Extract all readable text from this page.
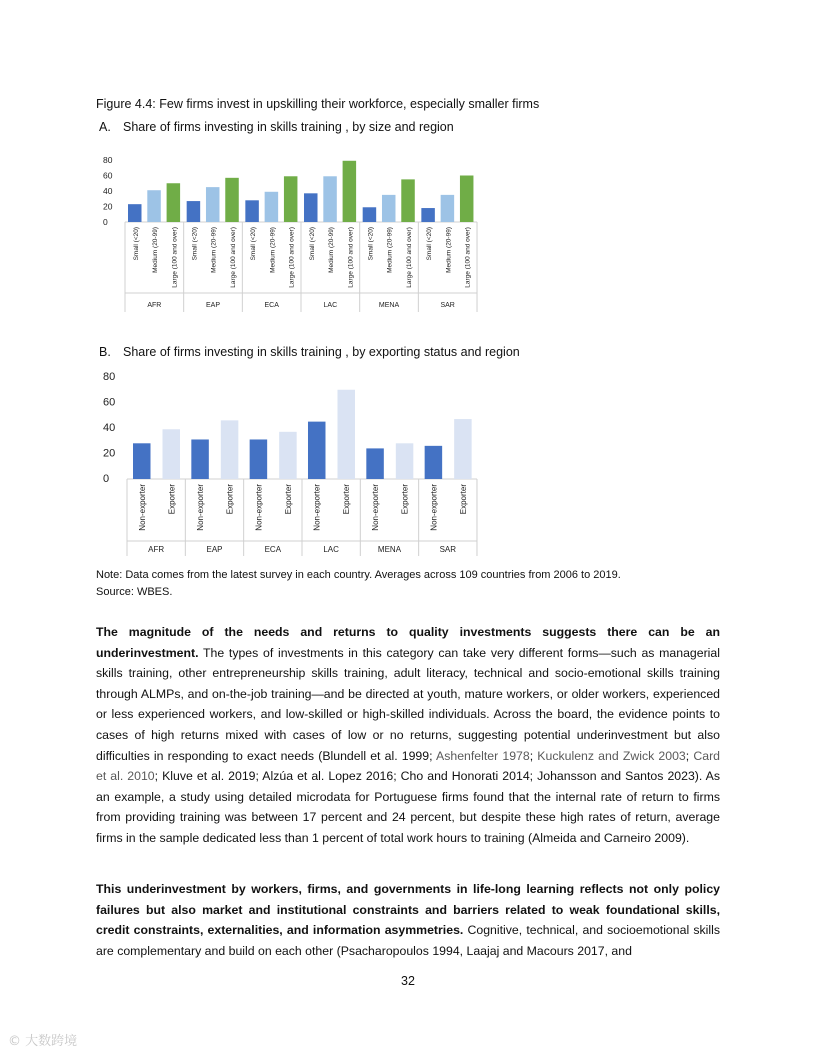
Figure 4.4: Few firms invest in upskilling their workforce, especially smaller firms
A. Share of firms investing in skills training , by size and region
0
20
40
60
80
Small (<20) Medium (20-99) Large (100 and over)
AFR
Small (<20) Medium (20-99) Large (100 and over)
EAP
Small (<20) Medium (20-99) Large (100 and over)
ECA
Small (<20) Medium (20-99) Large (100 and over)
LAC
Small (<20) Medium (20-99) Large (100 and over)
MENA
Small (<20) Medium (20-99) Large (100 and over)
SAR
B. Share of firms investing in skills training , by exporting status and region
0
20
40
60
80
Non-exporter	Exporter
AFR
Non-exporter	Exporter
EAP
Non-exporter	Exporter
ECA
Non-exporter	Exporter
LAC
Non-exporter	Exporter
MENA
Non-exporter	Exporter
SAR
Note: Data comes from the latest survey in each country. Averages across 109 countries from 2006 to 2019.
Source: WBES.

The magnitude of the needs and returns to quality investments suggests there can be an underinvestment. The types of investments in this category can take very different forms—such as managerial skills training, other entrepreneurship skills training, adult literacy, technical and socio-emotional skills training through ALMPs, and on-the-job training—and be directed at youth, mature workers, or older workers, experienced or less experienced workers, and low-skilled or high-skilled individuals. Across the board, the evidence points to cases of high returns mixed with cases of low or no returns, suggesting potential underinvestment but also difficulties in responding to exact needs (Blundell et al. 1999; Ashenfelter 1978; Kuckulenz and Zwick 2003; Card et al. 2010; Kluve et al. 2019; Alzúa et al. Lopez 2016; Cho and Honorati 2014; Johansson and Santos 2023). As an example, a study using detailed microdata for Portuguese firms found that the internal rate of return to firms from providing training was between 17 percent and 24 percent, but despite these high rates of return, average firms in the sample dedicated less than 1 percent of total work hours to training (Almeida and Carneiro 2009).

This underinvestment by workers, firms, and governments in life-long learning reflects not only policy failures but also market and institutional constraints and barriers related to weak foundational skills, credit constraints, externalities, and information asymmetries. Cognitive, technical, and socioemotional skills are complementary and build on each other (Psacharopoulos 1994, Laajaj and Macours 2017, and

32
© 大数跨境
